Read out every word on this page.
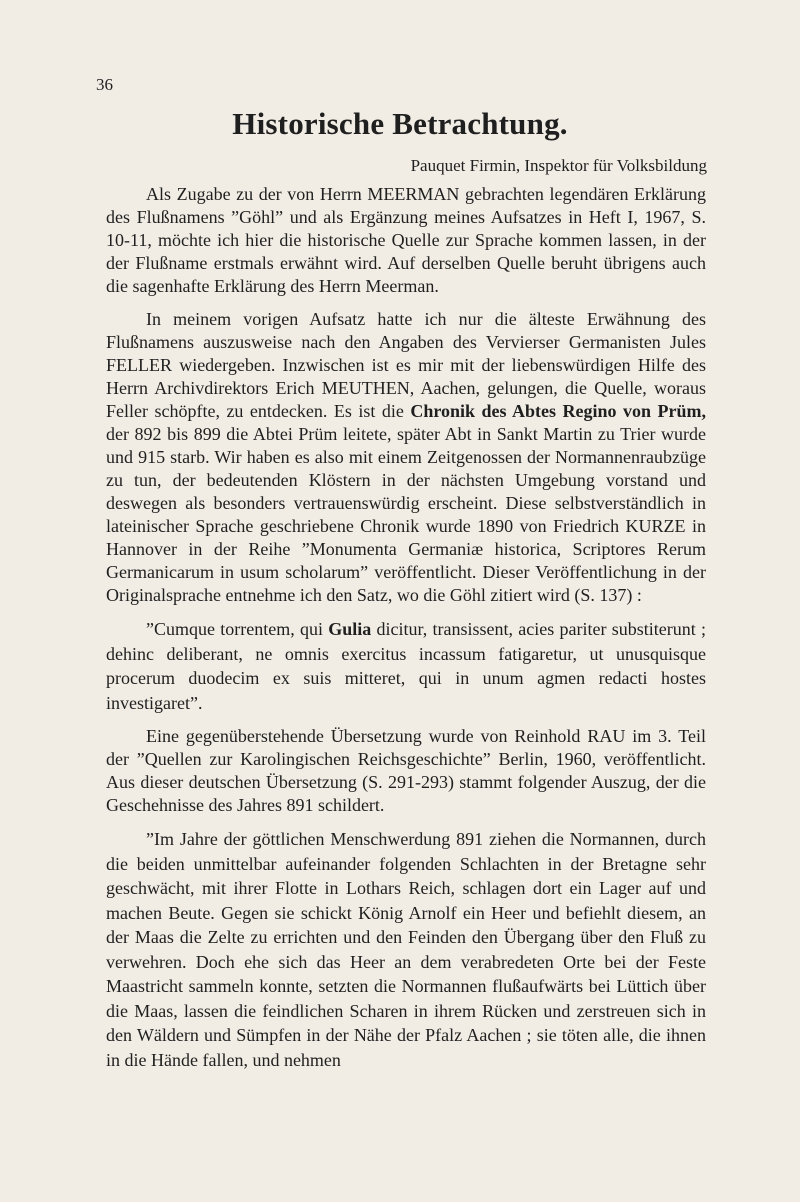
36
Historische Betrachtung.
Pauquet Firmin, Inspektor für Volksbildung

Als Zugabe zu der von Herrn MEERMAN gebrachten legendären Erklärung des Flußnamens ”Göhl” und als Ergänzung meines Aufsatzes in Heft I, 1967, S. 10-11, möchte ich hier die historische Quelle zur Sprache kommen lassen, in der der Flußname erstmals erwähnt wird. Auf derselben Quelle beruht übrigens auch die sagenhafte Erklärung des Herrn Meerman.

In meinem vorigen Aufsatz hatte ich nur die älteste Erwähnung des Flußnamens auszusweise nach den Angaben des Vervierser Germanisten Jules FELLER wiedergeben. Inzwischen ist es mir mit der liebenswürdigen Hilfe des Herrn Archivdirektors Erich MEUTHEN, Aachen, gelungen, die Quelle, woraus Feller schöpfte, zu entdecken. Es ist die Chronik des Abtes Regino von Prüm, der 892 bis 899 die Abtei Prüm leitete, später Abt in Sankt Martin zu Trier wurde und 915 starb. Wir haben es also mit einem Zeitgenossen der Normannenraubzüge zu tun, der bedeutenden Klöstern in der nächsten Umgebung vorstand und deswegen als besonders vertrauenswürdig erscheint. Diese selbstverständlich in lateinischer Sprache geschriebene Chronik wurde 1890 von Friedrich KURZE in Hannover in der Reihe ”Monumenta Germaniæ historica, Scriptores Rerum Germanicarum in usum scholarum” veröffentlicht. Dieser Veröffentlichung in der Originalsprache entnehme ich den Satz, wo die Göhl zitiert wird (S. 137) :

”Cumque torrentem, qui Gulia dicitur, transissent, acies pariter substiterunt ; dehinc deliberant, ne omnis exercitus incassum fatigaretur, ut unusquisque procerum duodecim ex suis mitteret, qui in unum agmen redacti hostes investigaret”.

Eine gegenüberstehende Übersetzung wurde von Reinhold RAU im 3. Teil der ”Quellen zur Karolingischen Reichsgeschichte” Berlin, 1960, veröffentlicht. Aus dieser deutschen Übersetzung (S. 291-293) stammt folgender Auszug, der die Geschehnisse des Jahres 891 schildert.

”Im Jahre der göttlichen Menschwerdung 891 ziehen die Normannen, durch die beiden unmittelbar aufeinander folgenden Schlachten in der Bretagne sehr geschwächt, mit ihrer Flotte in Lothars Reich, schlagen dort ein Lager auf und machen Beute. Gegen sie schickt König Arnolf ein Heer und befiehlt diesem, an der Maas die Zelte zu errichten und den Feinden den Übergang über den Fluß zu verwehren. Doch ehe sich das Heer an dem verabredeten Orte bei der Feste Maastricht sammeln konnte, setzten die Normannen flußaufwärts bei Lüttich über die Maas, lassen die feindlichen Scharen in ihrem Rücken und zerstreuen sich in den Wäldern und Sümpfen in der Nähe der Pfalz Aachen ; sie töten alle, die ihnen in die Hände fallen, und nehmen
